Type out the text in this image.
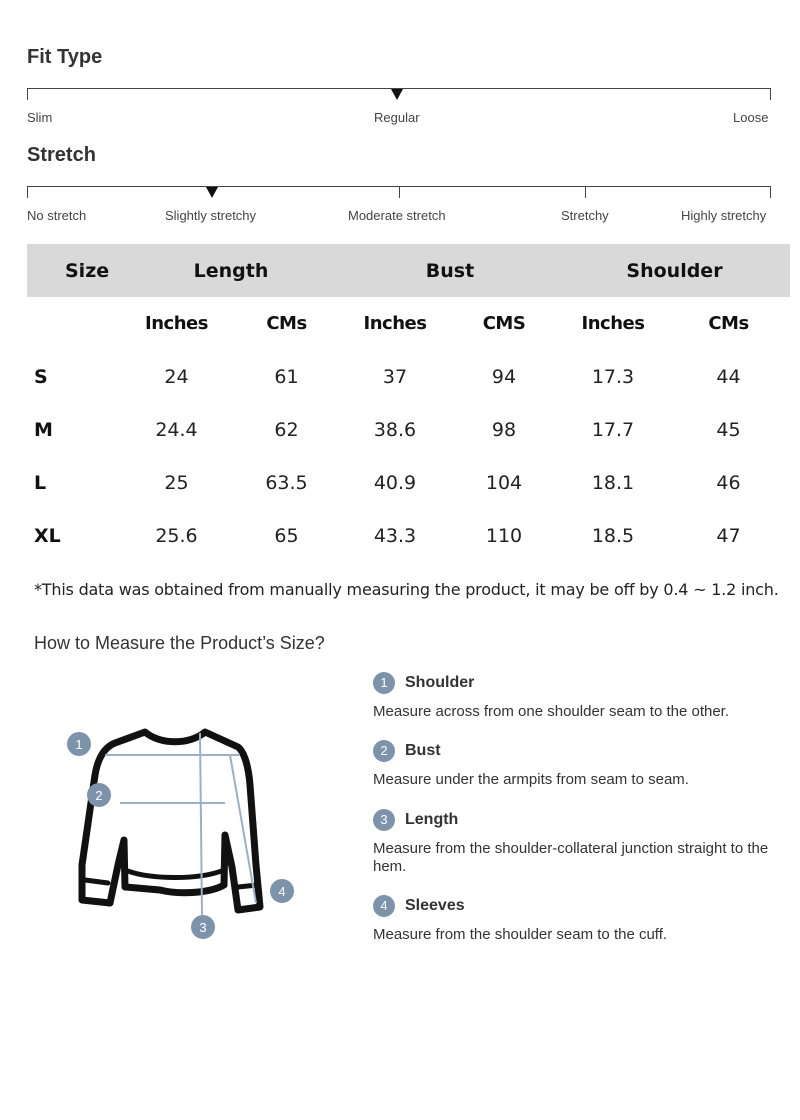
Fit Type
Slim	Regular	Loose
Stretch
No stretch	Slightly stretchy	Moderate stretch	Stretchy	Highly stretchy
Size	Length		Bust		Shoulder	
	Inches	CMs	Inches	CMS	Inches	CMs
S	24	61	37	94	17.3	44
M	24.4	62	38.6	98	17.7	45
L	25	63.5	40.9	104	18.1	46
XL	25.6	65	43.3	110	18.5	47
*This data was obtained from manually measuring the product, it may be off by 0.4 ~ 1.2 inch.
How to Measure the Product’s Size?
1
2
3
4
1	Shoulder
Measure across from one shoulder seam to the other.
2	Bust
Measure under the armpits from seam to seam.
3	Length
Measure from the shoulder-collateral junction straight to the hem.
4	Sleeves
Measure from the shoulder seam to the cuff.
